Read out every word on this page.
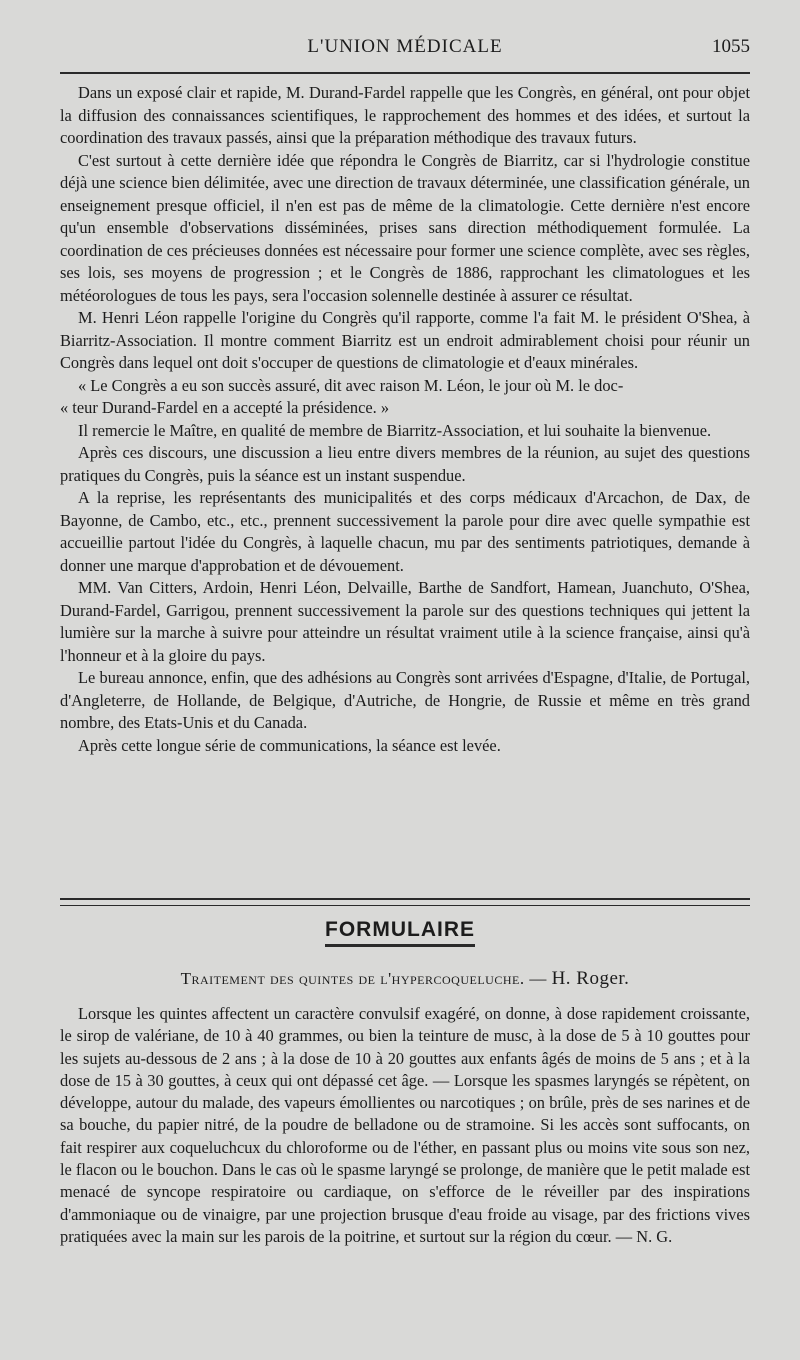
L'UNION MÉDICALE	1055

Dans un exposé clair et rapide, M. Durand-Fardel rappelle que les Congrès, en général, ont pour objet la diffusion des connaissances scientifiques, le rapprochement des hommes et des idées, et surtout la coordination des travaux passés, ainsi que la préparation méthodique des travaux futurs.

C'est surtout à cette dernière idée que répondra le Congrès de Biarritz, car si l'hydrologie constitue déjà une science bien délimitée, avec une direction de travaux déterminée, une classification générale, un enseignement presque officiel, il n'en est pas de même de la climatologie. Cette dernière n'est encore qu'un ensemble d'observations disséminées, prises sans direction méthodiquement formulée. La coordination de ces précieuses données est nécessaire pour former une science complète, avec ses règles, ses lois, ses moyens de progression ; et le Congrès de 1886, rapprochant les climatologues et les météorologues de tous les pays, sera l'occasion solennelle destinée à assurer ce résultat.

M. Henri Léon rappelle l'origine du Congrès qu'il rapporte, comme l'a fait M. le président O'Shea, à Biarritz-Association. Il montre comment Biarritz est un endroit admirablement choisi pour réunir un Congrès dans lequel ont doit s'occuper de questions de climatologie et d'eaux minérales.

« Le Congrès a eu son succès assuré, dit avec raison M. Léon, le jour où M. le doc-

« teur Durand-Fardel en a accepté la présidence. »

Il remercie le Maître, en qualité de membre de Biarritz-Association, et lui souhaite la bienvenue.

Après ces discours, une discussion a lieu entre divers membres de la réunion, au sujet des questions pratiques du Congrès, puis la séance est un instant suspendue.

A la reprise, les représentants des municipalités et des corps médicaux d'Arcachon, de Dax, de Bayonne, de Cambo, etc., etc., prennent successivement la parole pour dire avec quelle sympathie est accueillie partout l'idée du Congrès, à laquelle chacun, mu par des sentiments patriotiques, demande à donner une marque d'approbation et de dévouement.

MM. Van Citters, Ardoin, Henri Léon, Delvaille, Barthe de Sandfort, Hamean, Juanchuto, O'Shea, Durand-Fardel, Garrigou, prennent successivement la parole sur des questions techniques qui jettent la lumière sur la marche à suivre pour atteindre un résultat vraiment utile à la science française, ainsi qu'à l'honneur et à la gloire du pays.

Le bureau annonce, enfin, que des adhésions au Congrès sont arrivées d'Espagne, d'Italie, de Portugal, d'Angleterre, de Hollande, de Belgique, d'Autriche, de Hongrie, de Russie et même en très grand nombre, des Etats-Unis et du Canada.

Après cette longue série de communications, la séance est levée.

FORMULAIRE
Traitement des quintes de l'hypercoqueluche. — H. Roger.

Lorsque les quintes affectent un caractère convulsif exagéré, on donne, à dose rapidement croissante, le sirop de valériane, de 10 à 40 grammes, ou bien la teinture de musc, à la dose de 5 à 10 gouttes pour les sujets au-dessous de 2 ans ; à la dose de 10 à 20 gouttes aux enfants âgés de moins de 5 ans ; et à la dose de 15 à 30 gouttes, à ceux qui ont dépassé cet âge. — Lorsque les spasmes laryngés se répètent, on développe, autour du malade, des vapeurs émollientes ou narcotiques ; on brûle, près de ses narines et de sa bouche, du papier nitré, de la poudre de belladone ou de stramoine. Si les accès sont suffocants, on fait respirer aux coqueluchcux du chloroforme ou de l'éther, en passant plus ou moins vite sous son nez, le flacon ou le bouchon. Dans le cas où le spasme laryngé se prolonge, de manière que le petit malade est menacé de syncope respiratoire ou cardiaque, on s'efforce de le réveiller par des inspirations d'ammoniaque ou de vinaigre, par une projection brusque d'eau froide au visage, par des frictions vives pratiquées avec la main sur les parois de la poitrine, et surtout sur la région du cœur. — N. G.
